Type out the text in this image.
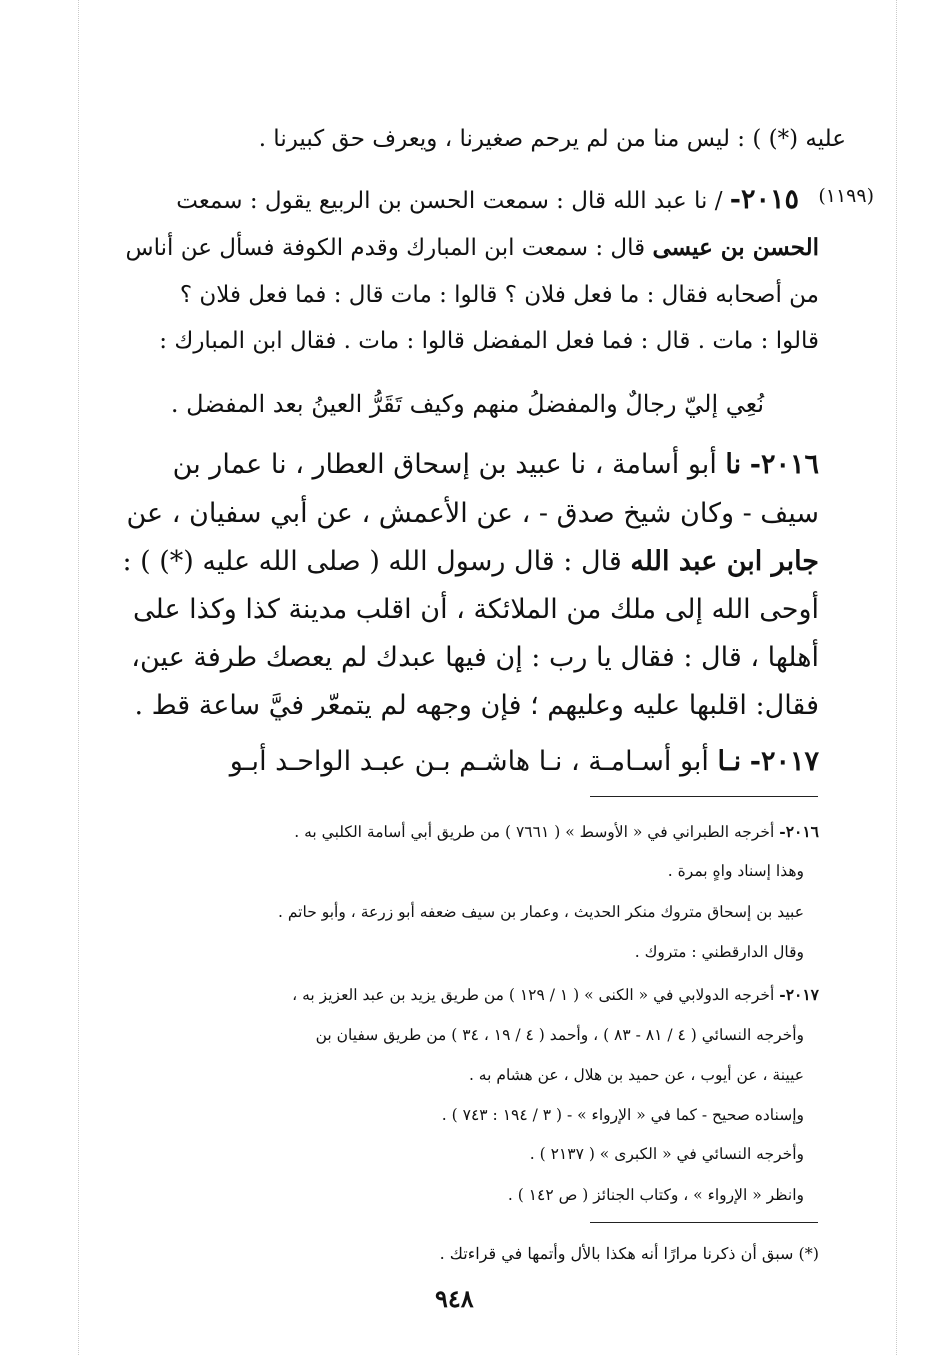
عليه (*) ) : ليس منا من لم يرحم صغيرنا ، ويعرف حق كبيرنا .
(١١٩٩)
٢٠١٥- / نا عبد الله قال : سمعت الحسن بن الربيع يقول : سمعت
الحسن بن عيسى قال : سمعت ابن المبارك وقدم الكوفة فسأل عن أناس
من أصحابه فقال : ما فعل فلان ؟ قالوا : مات قال : فما فعل فلان ؟
قالوا : مات . قال : فما فعل المفضل قالوا : مات . فقال ابن المبارك :
نُعِي إليّ رجالٌ والمفضلُ منهم وكيف تَقَرُّ العينُ بعد المفضل .
٢٠١٦- نا أبو أسامة ، نا عبيد بن إسحاق العطار ، نا عمار بن
سيف - وكان شيخ صدق - ، عن الأعمش ، عن أبي سفيان ، عن
جابر ابن عبد الله قال : قال رسول الله ( صلى الله عليه (*) ) :
أوحى الله إلى ملك من الملائكة ، أن اقلب مدينة كذا وكذا على
أهلها ، قال : فقال يا رب : إن فيها عبدك لم يعصك طرفة عين،
فقال: اقلبها عليه وعليهم ؛ فإن وجهه لم يتمعّر فيَّ ساعة قط .
٢٠١٧- نـا أبو أسـامـة ، نـا هاشـم بـن عبـد الواحـد أبـو
٢٠١٦- أخرجه الطبراني في « الأوسط » ( ٧٦٦١ ) من طريق أبي أسامة الكلبي به .
وهذا إسناد واهٍ بمرة .
عبيد بن إسحاق متروك منكر الحديث ، وعمار بن سيف ضعفه أبو زرعة ، وأبو حاتم .
وقال الدارقطني : متروك .
٢٠١٧- أخرجه الدولابي في « الكنى » ( ١ / ١٢٩ ) من طريق يزيد بن عبد العزيز به ،
وأخرجه النسائي ( ٤ / ٨١ - ٨٣ ) ، وأحمد ( ٤ / ١٩ ، ٣٤ ) من طريق سفيان بن
عيينة ، عن أيوب ، عن حميد بن هلال ، عن هشام به .
وإسناده صحيح - كما في « الإرواء » - ( ٣ / ١٩٤ : ٧٤٣ ) .
وأخرجه النسائي في « الكبرى » ( ٢١٣٧ ) .
وانظر « الإرواء » ، وكتاب الجنائز ( ص ١٤٢ ) .
(*) سبق أن ذكرنا مرارًا أنه هكذا بالأل وأتمها في قراءتك .
٩٤٨
